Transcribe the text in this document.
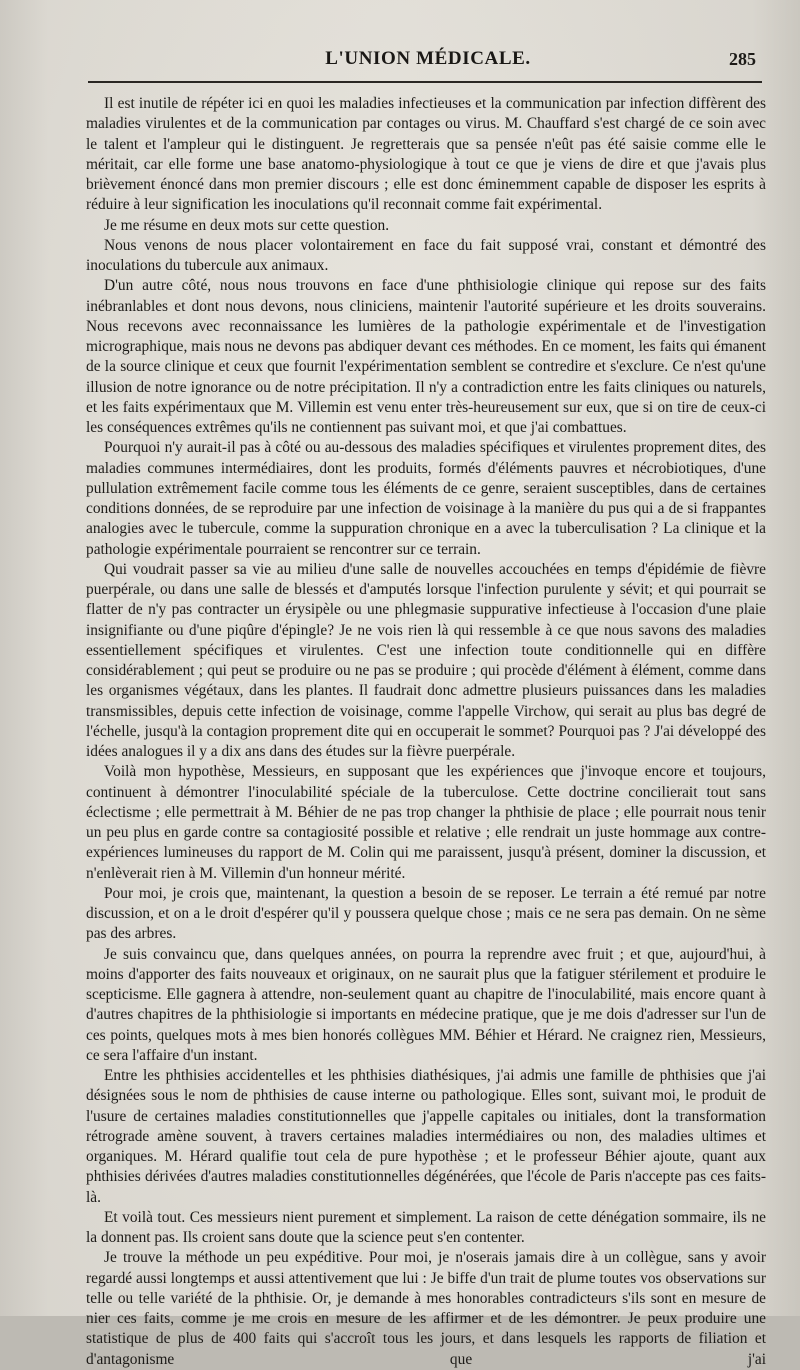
L'UNION MÉDICALE.	285

Il est inutile de répéter ici en quoi les maladies infectieuses et la communication par infection diffèrent des maladies virulentes et de la communication par contages ou virus. M. Chauffard s'est chargé de ce soin avec le talent et l'ampleur qui le distinguent. Je regretterais que sa pensée n'eût pas été saisie comme elle le méritait, car elle forme une base anatomo-physiologique à tout ce que je viens de dire et que j'avais plus brièvement énoncé dans mon premier discours ; elle est donc éminemment capable de disposer les esprits à réduire à leur signification les inoculations qu'il reconnait comme fait expérimental.

Je me résume en deux mots sur cette question.

Nous venons de nous placer volontairement en face du fait supposé vrai, constant et démontré des inoculations du tubercule aux animaux.

D'un autre côté, nous nous trouvons en face d'une phthisiologie clinique qui repose sur des faits inébranlables et dont nous devons, nous cliniciens, maintenir l'autorité supérieure et les droits souverains. Nous recevons avec reconnaissance les lumières de la pathologie expérimentale et de l'investigation micrographique, mais nous ne devons pas abdiquer devant ces méthodes. En ce moment, les faits qui émanent de la source clinique et ceux que fournit l'expérimentation semblent se contredire et s'exclure. Ce n'est qu'une illusion de notre ignorance ou de notre précipitation. Il n'y a contradiction entre les faits cliniques ou naturels, et les faits expérimentaux que M. Villemin est venu enter très-heureusement sur eux, que si on tire de ceux-ci les conséquences extrêmes qu'ils ne contiennent pas suivant moi, et que j'ai combattues.

Pourquoi n'y aurait-il pas à côté ou au-dessous des maladies spécifiques et virulentes proprement dites, des maladies communes intermédiaires, dont les produits, formés d'éléments pauvres et nécrobiotiques, d'une pullulation extrêmement facile comme tous les éléments de ce genre, seraient susceptibles, dans de certaines conditions données, de se reproduire par une infection de voisinage à la manière du pus qui a de si frappantes analogies avec le tubercule, comme la suppuration chronique en a avec la tuberculisation ? La clinique et la pathologie expérimentale pourraient se rencontrer sur ce terrain.

Qui voudrait passer sa vie au milieu d'une salle de nouvelles accouchées en temps d'épidémie de fièvre puerpérale, ou dans une salle de blessés et d'amputés lorsque l'infection purulente y sévit; et qui pourrait se flatter de n'y pas contracter un érysipèle ou une phlegmasie suppurative infectieuse à l'occasion d'une plaie insignifiante ou d'une piqûre d'épingle? Je ne vois rien là qui ressemble à ce que nous savons des maladies essentiellement spécifiques et virulentes. C'est une infection toute conditionnelle qui en diffère considérablement ; qui peut se produire ou ne pas se produire ; qui procède d'élément à élément, comme dans les organismes végétaux, dans les plantes. Il faudrait donc admettre plusieurs puissances dans les maladies transmissibles, depuis cette infection de voisinage, comme l'appelle Virchow, qui serait au plus bas degré de l'échelle, jusqu'à la contagion proprement dite qui en occuperait le sommet? Pourquoi pas ? J'ai développé des idées analogues il y a dix ans dans des études sur la fièvre puerpérale.

Voilà mon hypothèse, Messieurs, en supposant que les expériences que j'invoque encore et toujours, continuent à démontrer l'inoculabilité spéciale de la tuberculose. Cette doctrine concilierait tout sans éclectisme ; elle permettrait à M. Béhier de ne pas trop changer la phthisie de place ; elle pourrait nous tenir un peu plus en garde contre sa contagiosité possible et relative ; elle rendrait un juste hommage aux contre-expériences lumineuses du rapport de M. Colin qui me paraissent, jusqu'à présent, dominer la discussion, et n'enlèverait rien à M. Villemin d'un honneur mérité.

Pour moi, je crois que, maintenant, la question a besoin de se reposer. Le terrain a été remué par notre discussion, et on a le droit d'espérer qu'il y poussera quelque chose ; mais ce ne sera pas demain. On ne sème pas des arbres.

Je suis convaincu que, dans quelques années, on pourra la reprendre avec fruit ; et que, aujourd'hui, à moins d'apporter des faits nouveaux et originaux, on ne saurait plus que la fatiguer stérilement et produire le scepticisme. Elle gagnera à attendre, non-seulement quant au chapitre de l'inoculabilité, mais encore quant à d'autres chapitres de la phthisiologie si importants en médecine pratique, que je me dois d'adresser sur l'un de ces points, quelques mots à mes bien honorés collègues MM. Béhier et Hérard. Ne craignez rien, Messieurs, ce sera l'affaire d'un instant.

Entre les phthisies accidentelles et les phthisies diathésiques, j'ai admis une famille de phthisies que j'ai désignées sous le nom de phthisies de cause interne ou pathologique. Elles sont, suivant moi, le produit de l'usure de certaines maladies constitutionnelles que j'appelle capitales ou initiales, dont la transformation rétrograde amène souvent, à travers certaines maladies intermédiaires ou non, des maladies ultimes et organiques. M. Hérard qualifie tout cela de pure hypothèse ; et le professeur Béhier ajoute, quant aux phthisies dérivées d'autres maladies constitutionnelles dégénérées, que l'école de Paris n'accepte pas ces faits-là.

Et voilà tout. Ces messieurs nient purement et simplement. La raison de cette dénégation sommaire, ils ne la donnent pas. Ils croient sans doute que la science peut s'en contenter.

Je trouve la méthode un peu expéditive. Pour moi, je n'oserais jamais dire à un collègue, sans y avoir regardé aussi longtemps et aussi attentivement que lui : Je biffe d'un trait de plume toutes vos observations sur telle ou telle variété de la phthisie. Or, je demande à mes honorables contradicteurs s'ils sont en mesure de nier ces faits, comme je me crois en mesure de les affirmer et de les démontrer. Je peux produire une statistique de plus de 400 faits qui s'accroît tous les jours, et dans lesquels les rapports de filiation et d'antagonisme que j'ai
